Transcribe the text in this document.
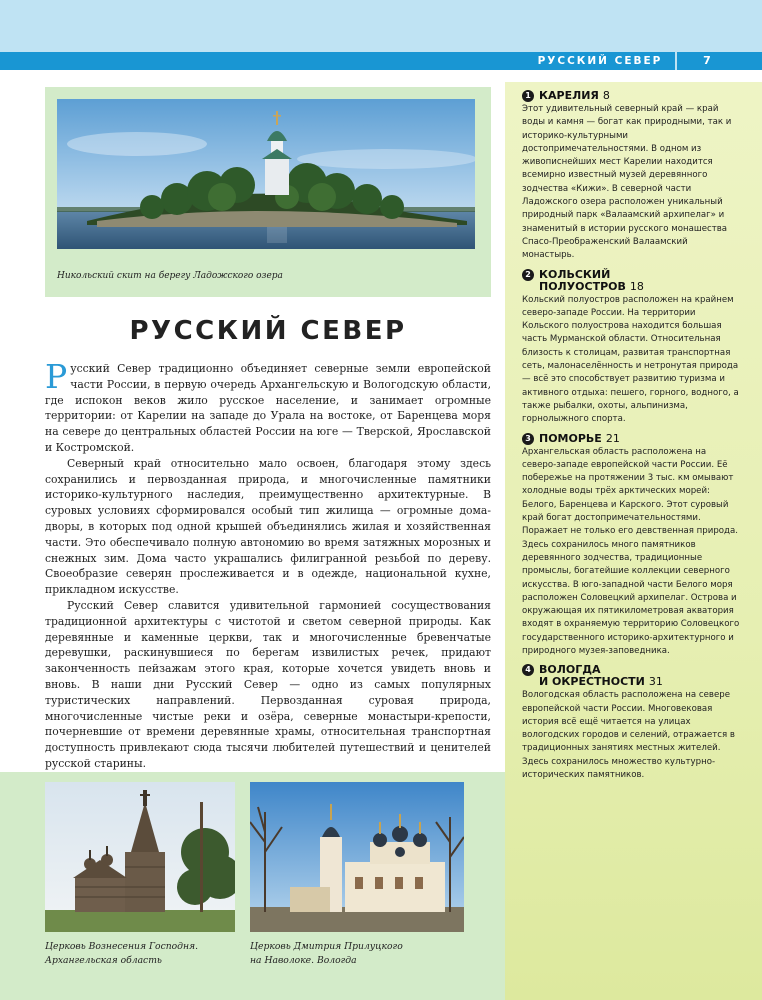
РУССКИЙ СЕВЕР	7
Никольский скит на берегу Ладожского озера
РУССКИЙ СЕВЕР

Русский Север традиционно объединяет северные земли европейской части России, в первую очередь Архангельскую и Вологодскую области, где испокон веков жило русское население, и занимает огромные территории: от Карелии на западе до Урала на востоке, от Баренцева моря на севере до центральных областей России на юге — Тверской, Ярославской и Костромской.

Северный край относительно мало освоен, благодаря этому здесь сохранились и первозданная природа, и многочисленные памятники историко-культурного наследия, преимущественно архитектурные. В суровых условиях сформировался особый тип жилища — огромные дома-дворы, в которых под одной крышей объединялись жилая и хозяйственная части. Это обеспечивало полную автономию во время затяжных морозных и снежных зим. Дома часто украшались филигранной резьбой по дереву. Своеобразие северян прослеживается и в одежде, национальной кухне, прикладном искусстве.

Русский Север славится удивительной гармонией сосуществования традиционной архитектуры с чистотой и светом северной природы. Как деревянные и каменные церкви, так и многочисленные бревенчатые деревушки, раскинувшиеся по берегам извилистых речек, придают законченность пейзажам этого края, которые хочется увидеть вновь и вновь. В наши дни Русский Север — одно из самых популярных туристических направлений. Первозданная суровая природа, многочисленные чистые реки и озёра, северные монастыри-крепости, почерневшие от времени деревянные храмы, относительная транспортная доступность привлекают сюда тысячи любителей путешествий и ценителей русской старины.

Церковь Вознесения Господня.
Архангельская область
Церковь Дмитрия Прилуцкого
на Наволоке. Вологда
1 КАРЕЛИЯ 8
Этот удивительный северный край — край воды и камня — богат как природными, так и историко-культурными достопримечательностями. В одном из живописнейших мест Карелии находится всемирно известный музей деревянного зодчества «Кижи». В северной части Ладожского озера расположен уникальный природный парк «Валаамский архипелаг» и знаменитый в истории русского монашества Спасо-Преображенский Валаамский монастырь.
2 КОЛЬСКИЙ
ПОЛУОСТРОВ 18
Кольский полуостров расположен на крайнем северо-западе России. На территории Кольского полуострова находится большая часть Мурманской области. Относительная близость к столицам, развитая транспортная сеть, малонаселённость и нетронутая природа — всё это способствует развитию туризма и активного отдыха: пешего, горного, водного, а также рыбалки, охоты, альпинизма, горнолыжного спорта.
3 ПОМОРЬЕ 21
Архангельская область расположена на северо-западе европейской части России. Её побережье на протяжении 3 тыс. км омывают холодные воды трёх арктических морей: Белого, Баренцева и Карского. Этот суровый край богат достопримечательностями. Поражает не только его девственная природа. Здесь сохранилось много памятников деревянного зодчества, традиционные промыслы, богатейшие коллекции северного искусства. В юго-западной части Белого моря расположен Соловецкий архипелаг. Острова и окружающая их пятикилометровая акватория входят в охраняемую территорию Соловецкого государственного историко-архитектурного и природного музея-заповедника.
4 ВОЛОГДА
И ОКРЕСТНОСТИ 31
Вологодская область расположена на севере европейской части России. Многовековая история всё ещё читается на улицах вологодских городов и селений, отражается в традиционных занятиях местных жителей. Здесь сохранилось множество культурно-исторических памятников.
